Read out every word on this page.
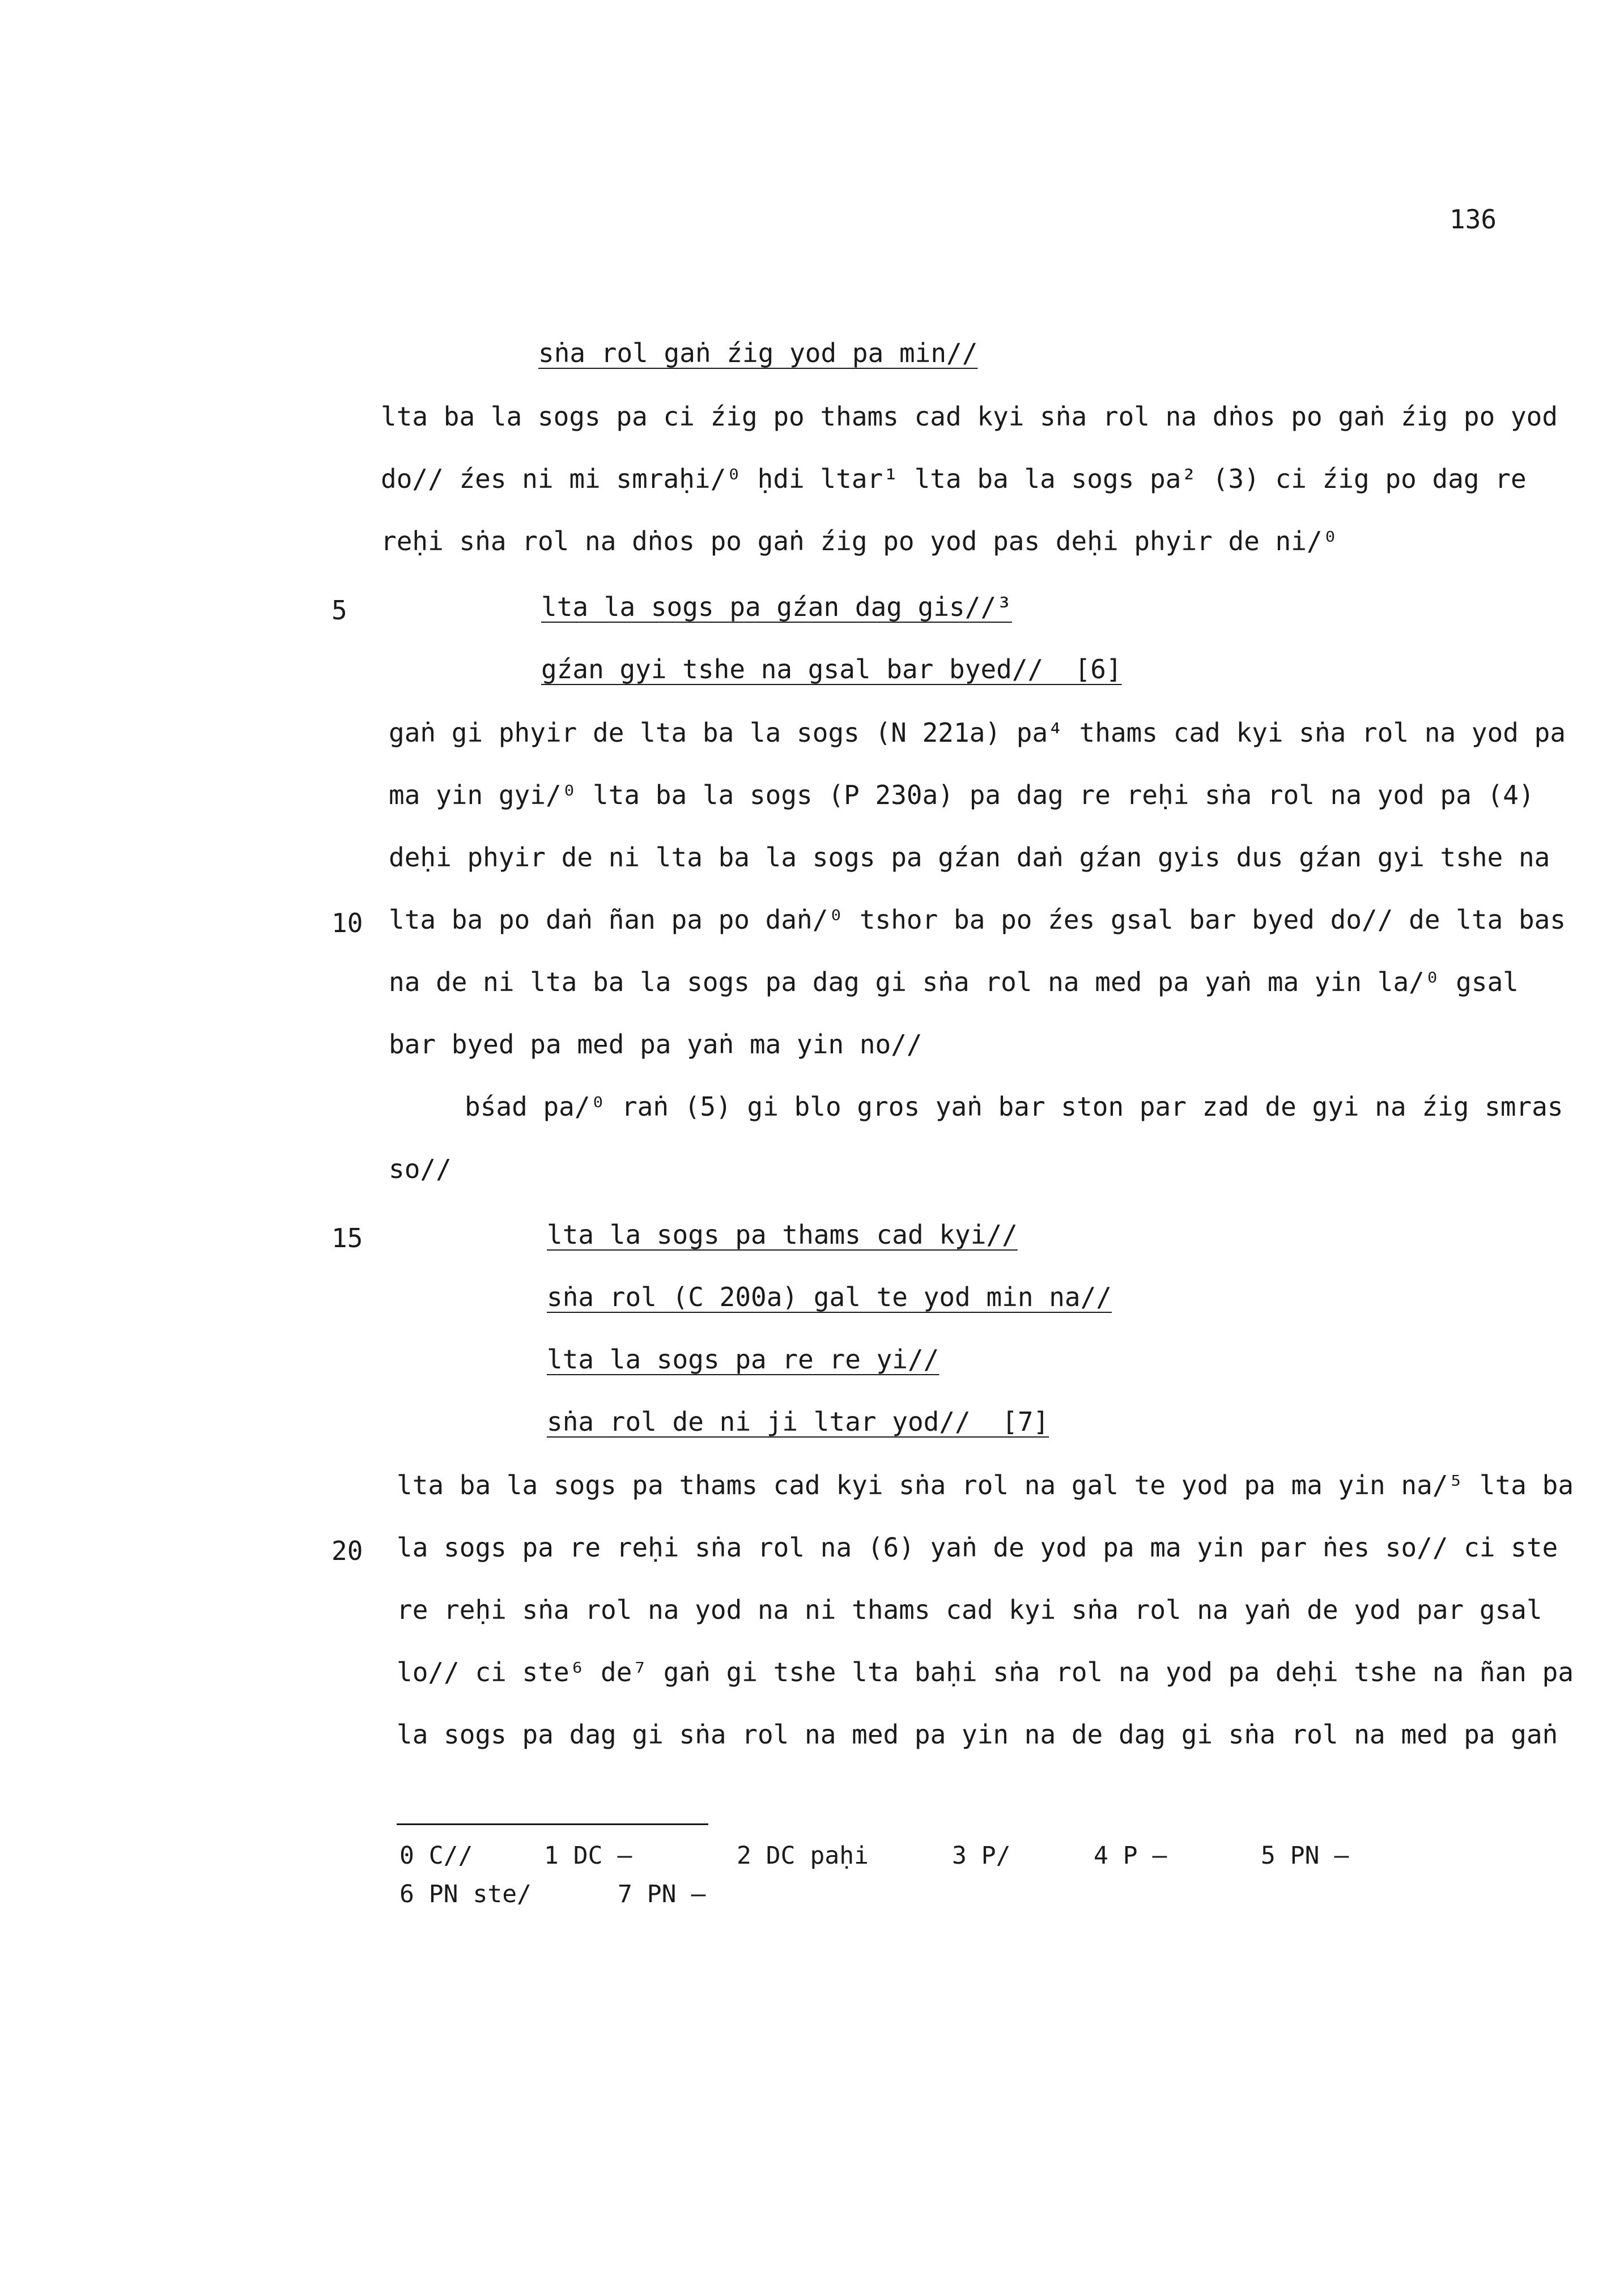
136
sṅa rol gaṅ źig yod pa min//
lta ba la sogs pa ci źig po thams cad kyi sṅa rol na dṅos po gaṅ źig po yod
do// źes ni mi smraḥi/⁰ ḥdi ltar¹ lta ba la sogs pa² (3) ci źig po dag re
reḥi sṅa rol na dṅos po gaṅ źig po yod pas deḥi phyir de ni/⁰
lta la sogs pa gźan dag gis//³
gźan gyi tshe na gsal bar byed//  [6]
gaṅ gi phyir de lta ba la sogs (N 221a) pa⁴ thams cad kyi sṅa rol na yod pa
ma yin gyi/⁰ lta ba la sogs (P 230a) pa dag re reḥi sṅa rol na yod pa (4)
deḥi phyir de ni lta ba la sogs pa gźan daṅ gźan gyis dus gźan gyi tshe na
lta ba po daṅ ñan pa po daṅ/⁰ tshor ba po źes gsal bar byed do// de lta bas
na de ni lta ba la sogs pa dag gi sṅa rol na med pa yaṅ ma yin la/⁰ gsal
bar byed pa med pa yaṅ ma yin no//
bśad pa/⁰ raṅ (5) gi blo gros yaṅ bar ston par zad de gyi na źig smras
so//
lta la sogs pa thams cad kyi//
sṅa rol (C 200a) gal te yod min na//
lta la sogs pa re re yi//
sṅa rol de ni ji ltar yod//  [7]
lta ba la sogs pa thams cad kyi sṅa rol na gal te yod pa ma yin na/⁵ lta ba
la sogs pa re reḥi sṅa rol na (6) yaṅ de yod pa ma yin par ṅes so// ci ste
re reḥi sṅa rol na yod na ni thams cad kyi sṅa rol na yaṅ de yod par gsal
lo// ci ste⁶ de⁷ gaṅ gi tshe lta baḥi sṅa rol na yod pa deḥi tshe na ñan pa
la sogs pa dag gi sṅa rol na med pa yin na de dag gi sṅa rol na med pa gaṅ
5
10
15
20
0 C//	1 DC —	2 DC paḥi	3 P/	4 P —	5 PN —
6 PN ste/	7 PN —
